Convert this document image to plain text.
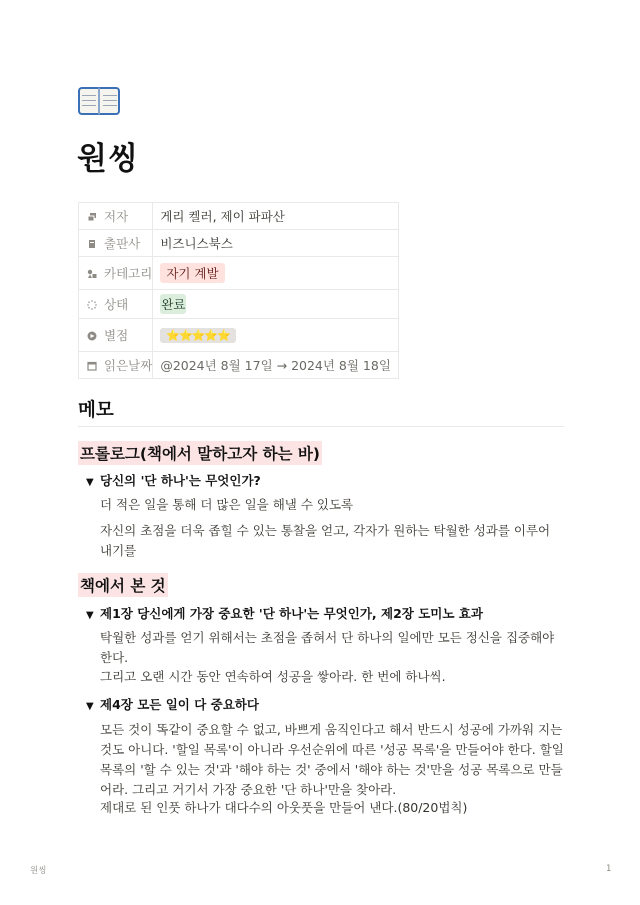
원씽
저자	게리 켈러, 제이 파파산
출판사	비즈니스북스
카테고리	자기 계발
상태	완료
별점	⭐⭐⭐⭐⭐
읽은날짜	@2024년 8월 17일 → 2024년 8월 18일
메모
프롤로그(책에서 말하고자 하는 바)
▼ 당신의 '단 하나'는 무엇인가?
더 적은 일을 통해 더 많은 일을 해낼 수 있도록
자신의 초점을 더욱 좁힐 수 있는 통찰을 얻고, 각자가 원하는 탁월한 성과를 이루어 내기를
책에서 본 것
▼ 제1장 당신에게 가장 중요한 '단 하나'는 무엇인가, 제2장 도미노 효과
탁월한 성과를 얻기 위해서는 초점을 좁혀서 단 하나의 일에만 모든 정신을 집중해야 한다.
그리고 오랜 시간 동안 연속하여 성공을 쌓아라. 한 번에 하나씩.
▼ 제4장 모든 일이 다 중요하다
모든 것이 똑같이 중요할 수 없고, 바쁘게 움직인다고 해서 반드시 성공에 가까워 지는 것도 아니다. '할일 목록'이 아니라 우선순위에 따른 '성공 목록'을 만들어야 한다. 할일 목록의 '할 수 있는 것'과 '해야 하는 것' 중에서 '해야 하는 것'만을 성공 목록으로 만들어라. 그리고 거기서 가장 중요한 '단 하나'만을 찾아라.
제대로 된 인풋 하나가 대다수의 아웃풋을 만들어 낸다.(80/20법칙)
원씽	1
